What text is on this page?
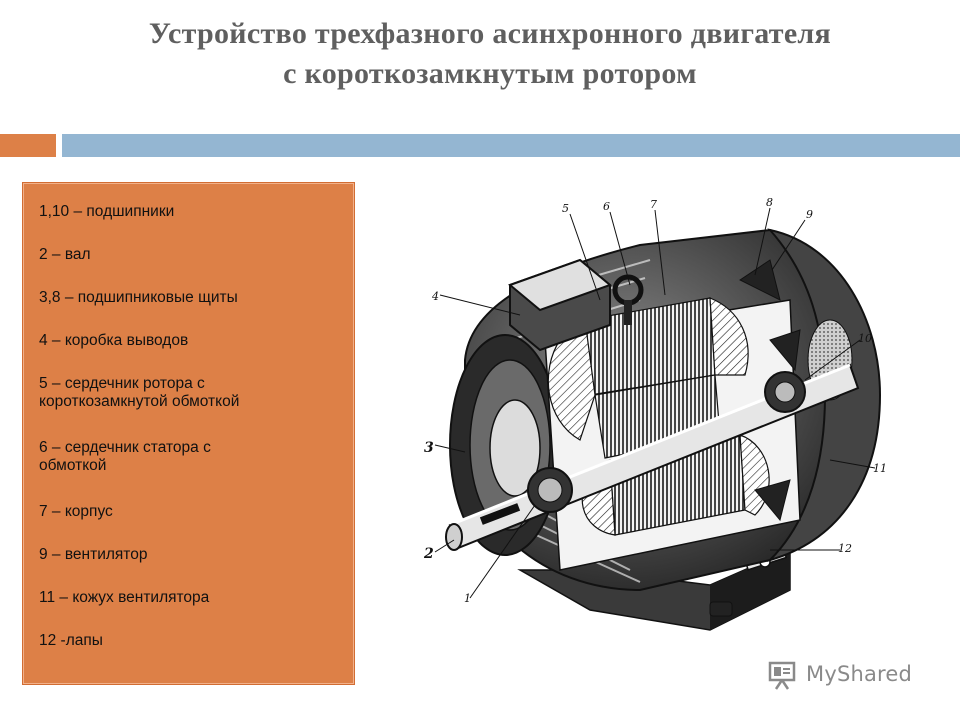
Устройство трехфазного асинхронного двигателя
с короткозамкнутым ротором
1,10 – подшипники
2 – вал
3,8 – подшипниковые щиты
4 – коробка выводов
5 – сердечник ротора с
короткозамкнутой обмоткой
6 – сердечник статора с
обмоткой
7 – корпус
9 – вентилятор
11 – кожух вентилятора
12 -лапы
1
2
3
4
5	6	7	8
9
10
11
12
MyShared
